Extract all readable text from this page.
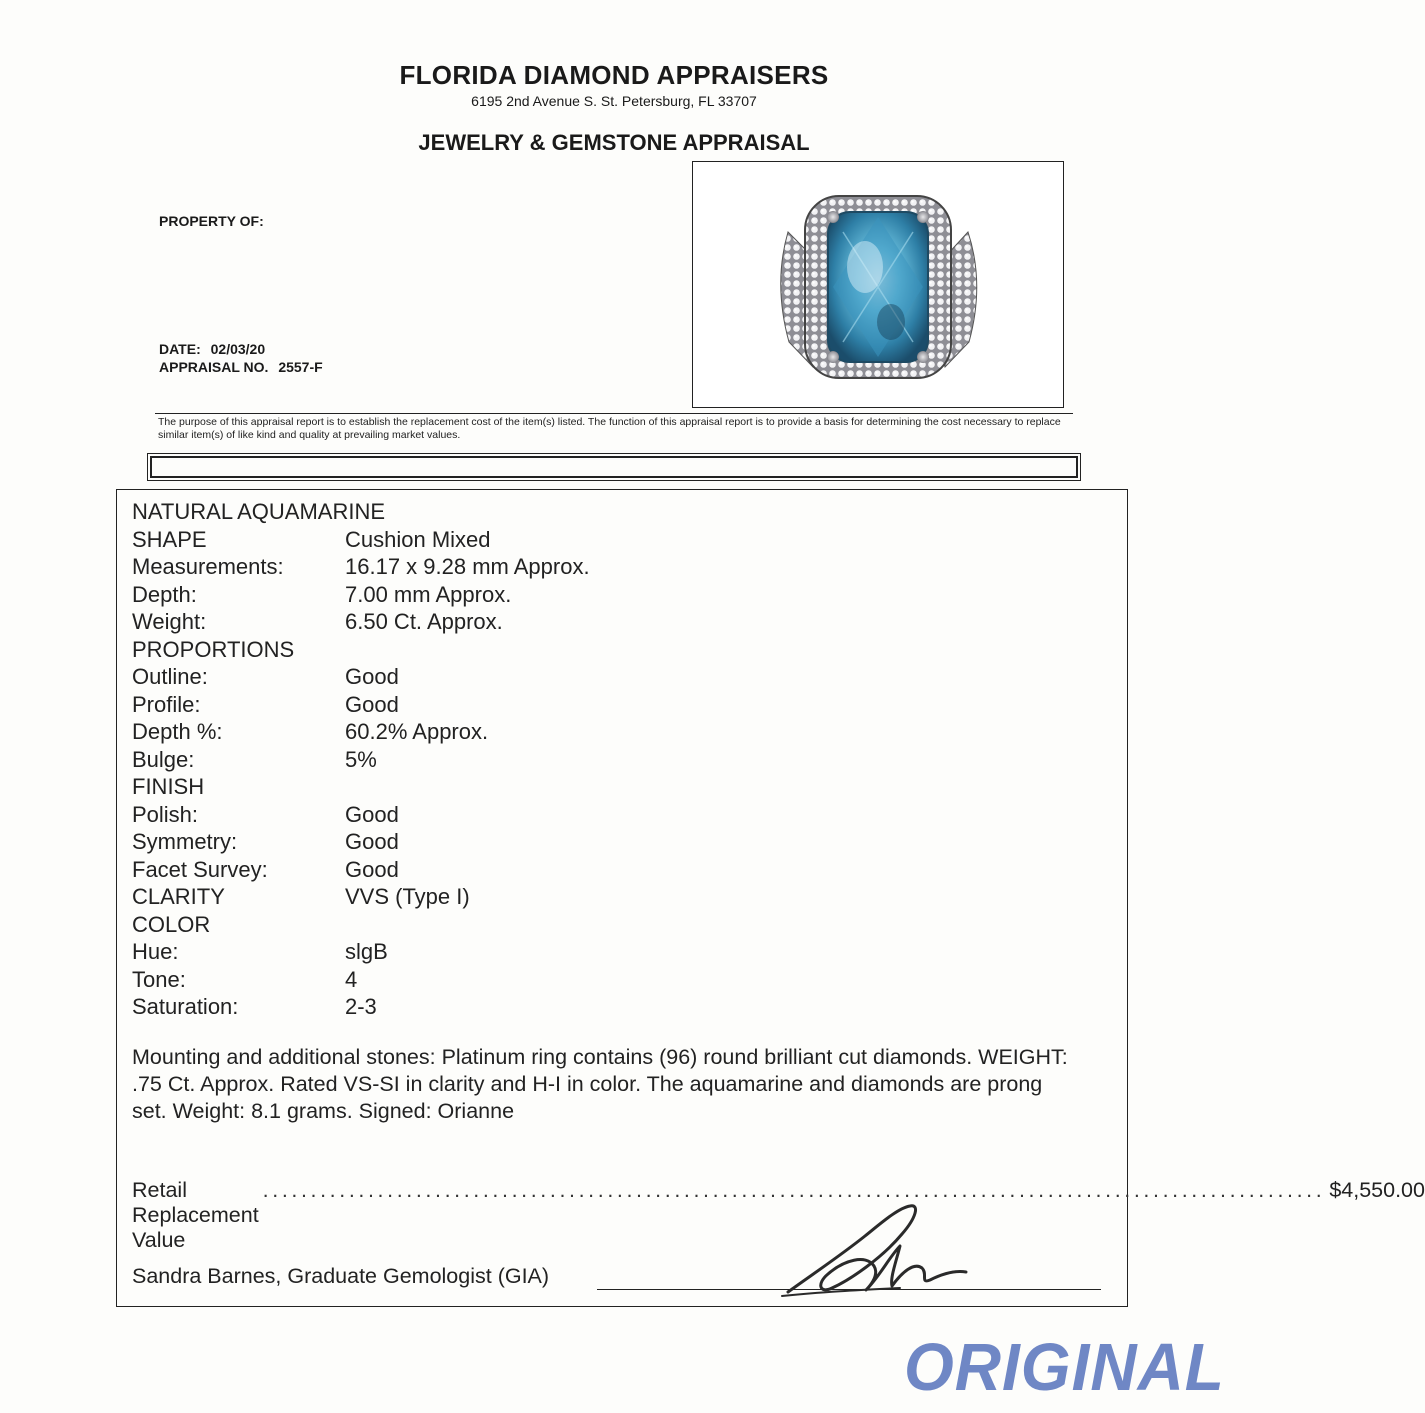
FLORIDA DIAMOND APPRAISERS
6195 2nd Avenue S. St. Petersburg, FL 33707
JEWELRY & GEMSTONE APPRAISAL
PROPERTY OF:
DATE: 02/03/20
APPRAISAL NO. 2557-F
The purpose of this appraisal report is to establish the replacement cost of the item(s) listed. The function of this appraisal report is to provide a basis for determining the cost necessary to replace similar item(s) of like kind and quality at prevailing market values.
NATURAL AQUAMARINE
SHAPE	Cushion Mixed
Measurements:	16.17 x 9.28 mm Approx.
Depth:	7.00 mm Approx.
Weight:	6.50 Ct. Approx.
PROPORTIONS
Outline:	Good
Profile:	Good
Depth %:	60.2% Approx.
Bulge:	5%
FINISH
Polish:	Good
Symmetry:	Good
Facet Survey:	Good
CLARITY	VVS (Type I)
COLOR
Hue:	slgB
Tone:	4
Saturation:	2-3
Mounting and additional stones: Platinum ring contains (96) round brilliant cut diamonds. WEIGHT: .75 Ct. Approx. Rated VS-SI in clarity and H-I in color. The aquamarine and diamonds are prong set. Weight: 8.1 grams. Signed: Orianne
Retail Replacement Value
............................................................................................................... $4,550.00
Sandra Barnes, Graduate Gemologist (GIA)
ORIGINAL
